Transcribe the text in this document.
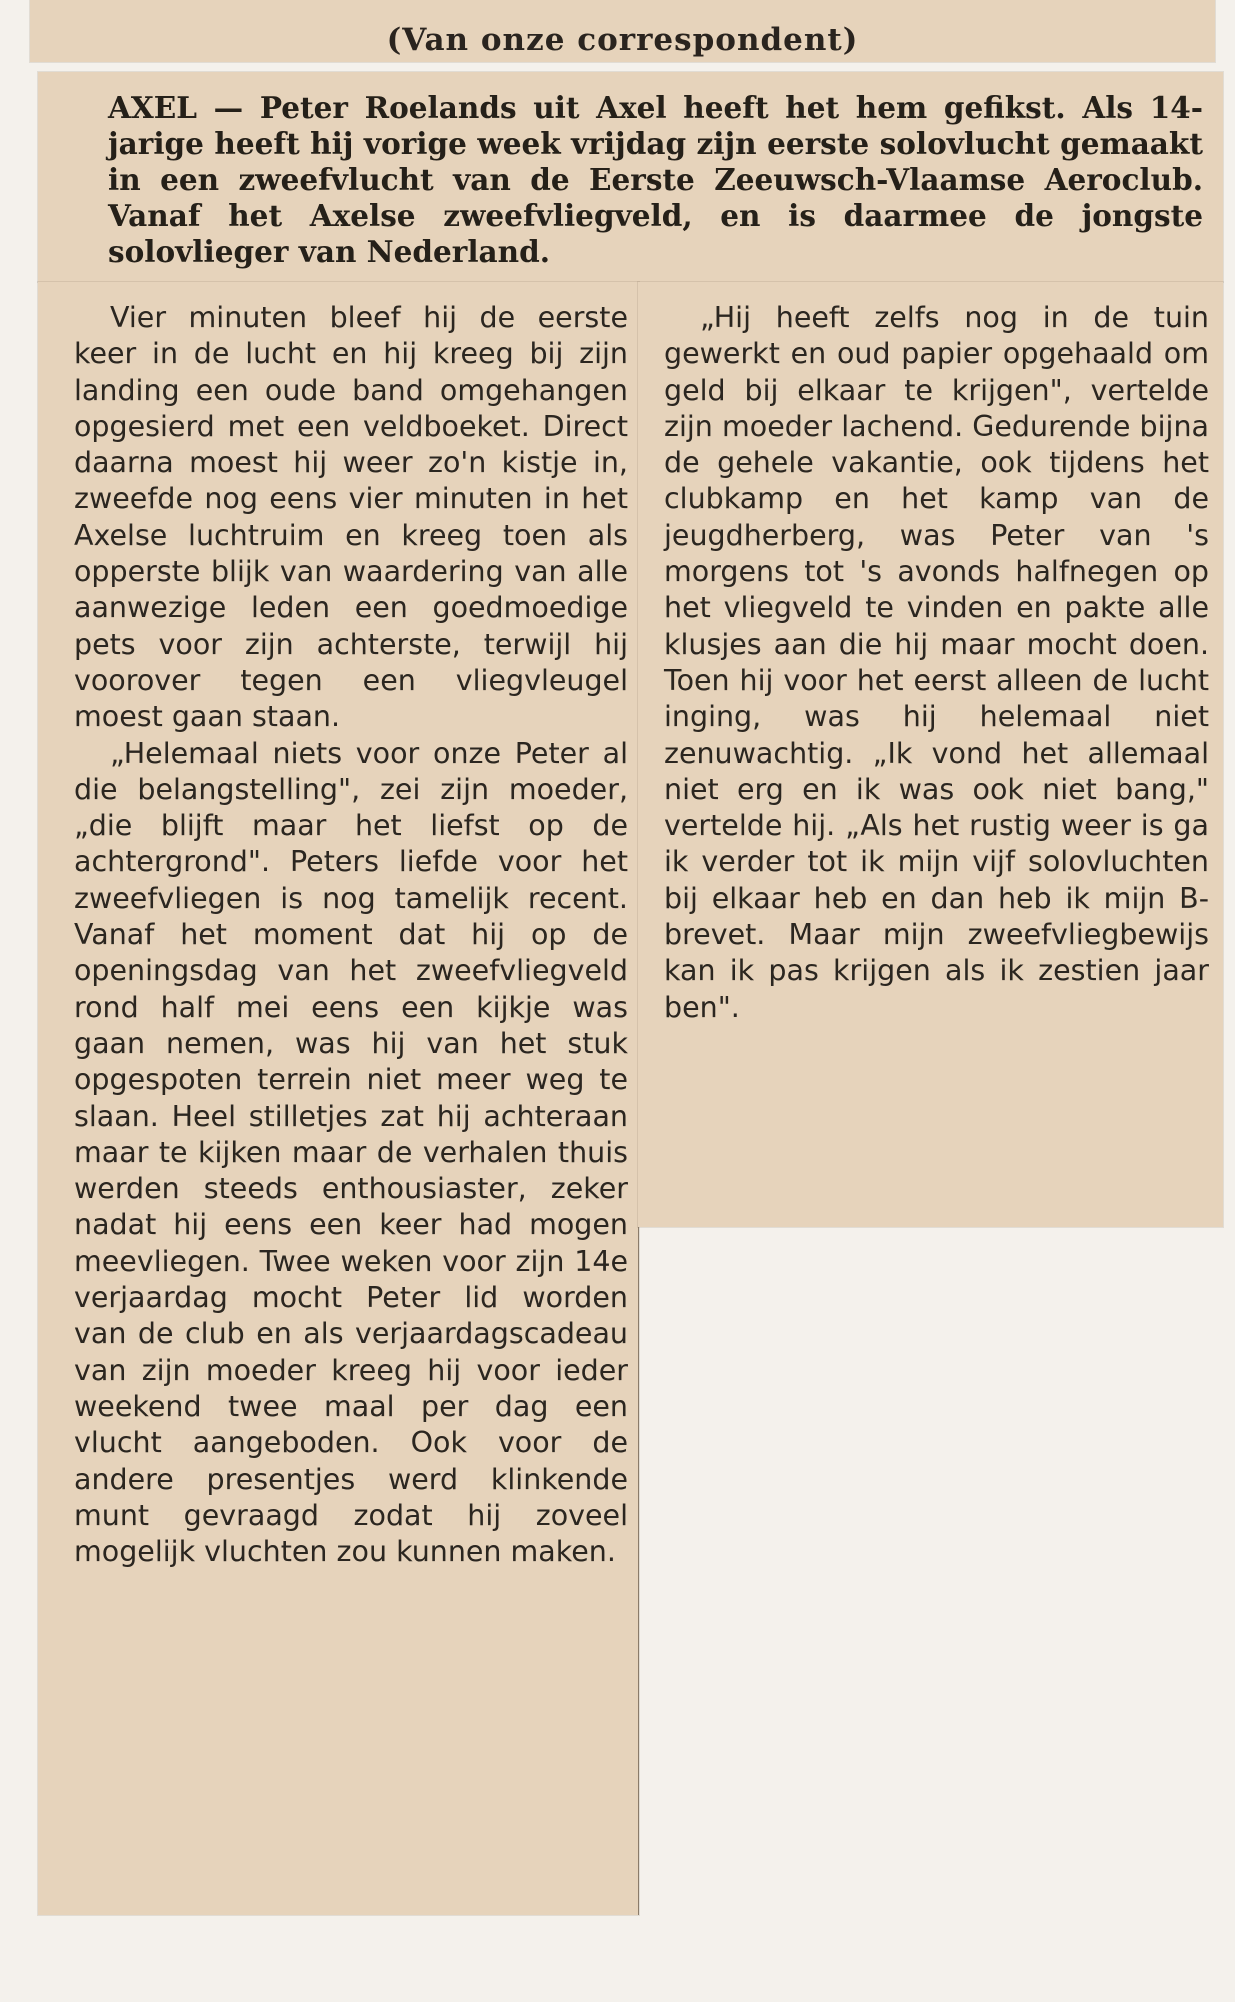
(Van onze correspondent)

AXEL — Peter Roelands uit Axel heeft het hem gefikst. Als 14-jarige heeft hij vorige week vrijdag zijn eerste solovlucht gemaakt in een zweefvlucht van de Eerste Zeeuwsch-Vlaamse Aeroclub. Vanaf het Axelse zweefvliegveld, en is daarmee de jongste solovlieger van Nederland.

Vier minuten bleef hij de eerste keer in de lucht en hij kreeg bij zijn landing een oude band omgehangen opgesierd met een veldboeket. Direct daarna moest hij weer zo'n kistje in, zweefde nog eens vier minuten in het Axelse luchtruim en kreeg toen als opperste blijk van waardering van alle aanwezige leden een goedmoedige pets voor zijn achterste, terwijl hij voorover tegen een vliegvleugel moest gaan staan.

„Helemaal niets voor onze Peter al die belangstelling", zei zijn moeder, „die blijft maar het liefst op de achtergrond". Peters liefde voor het zweefvliegen is nog tamelijk recent. Vanaf het moment dat hij op de openingsdag van het zweefvliegveld rond half mei eens een kijkje was gaan nemen, was hij van het stuk opgespoten terrein niet meer weg te slaan. Heel stilletjes zat hij achteraan maar te kijken maar de verhalen thuis werden steeds enthousiaster, zeker nadat hij eens een keer had mogen meevliegen. Twee weken voor zijn 14e verjaardag mocht Peter lid worden van de club en als verjaardagscadeau van zijn moeder kreeg hij voor ieder weekend twee maal per dag een vlucht aangeboden. Ook voor de andere presentjes werd klinkende munt gevraagd zodat hij zoveel mogelijk vluchten zou kunnen maken.

„Hij heeft zelfs nog in de tuin gewerkt en oud papier opgehaald om geld bij elkaar te krijgen", vertelde zijn moeder lachend. Gedurende bijna de gehele vakantie, ook tijdens het clubkamp en het kamp van de jeugdherberg, was Peter van 's morgens tot 's avonds halfnegen op het vliegveld te vinden en pakte alle klusjes aan die hij maar mocht doen. Toen hij voor het eerst alleen de lucht inging, was hij helemaal niet zenuwachtig. „Ik vond het allemaal niet erg en ik was ook niet bang," vertelde hij. „Als het rustig weer is ga ik verder tot ik mijn vijf solovluchten bij elkaar heb en dan heb ik mijn B-brevet. Maar mijn zweefvliegbewijs kan ik pas krijgen als ik zestien jaar ben".
